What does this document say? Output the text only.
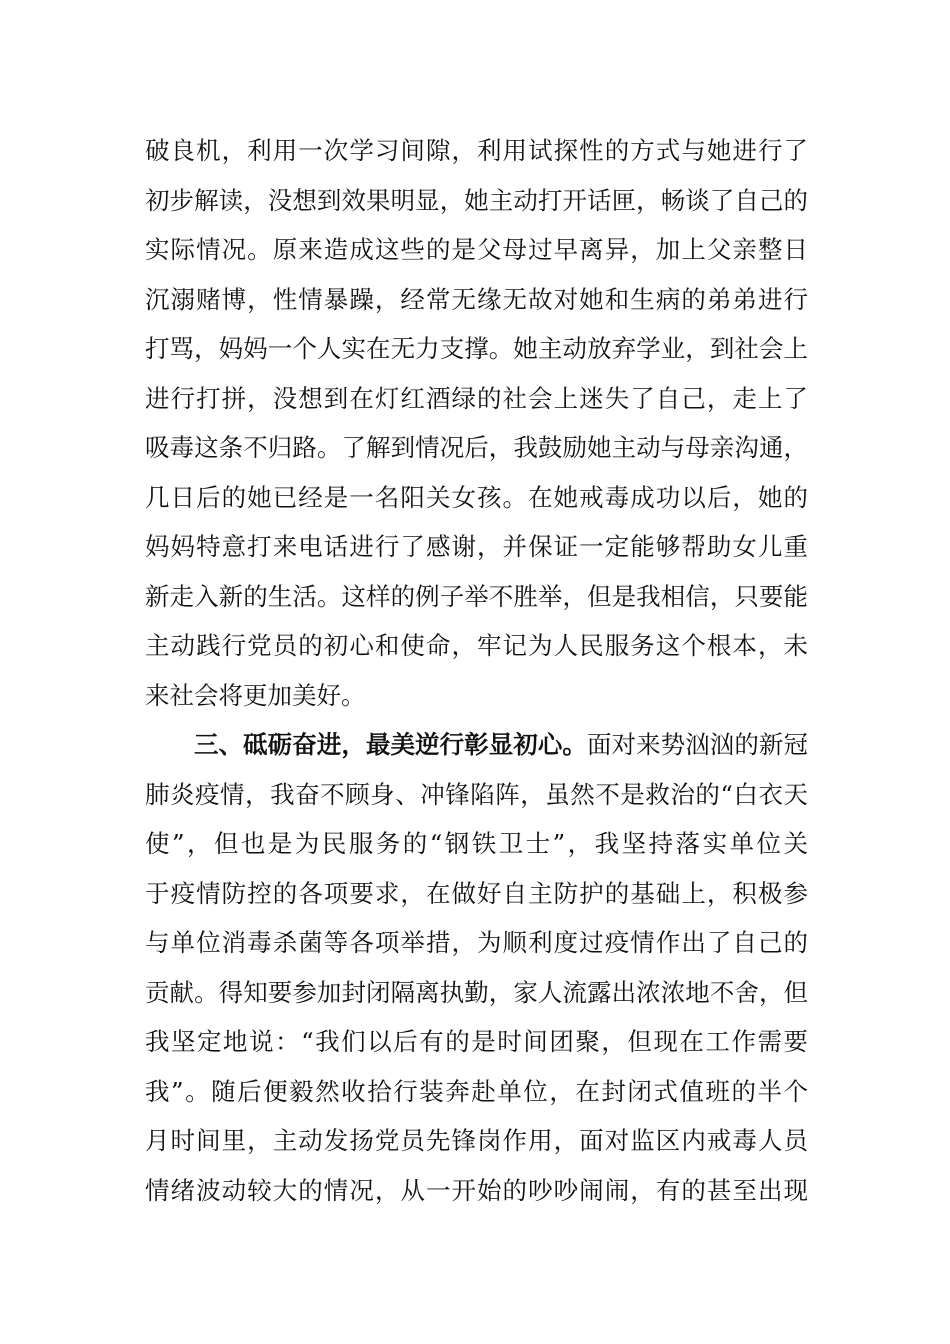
破良机，利用一次学习间隙，利用试探性的方式与她进行了
初步解读，没想到效果明显，她主动打开话匣，畅谈了自己的
实际情况。原来造成这些的是父母过早离异，加上父亲整日
沉溺赌博，性情暴躁，经常无缘无故对她和生病的弟弟进行
打骂，妈妈一个人实在无力支撑。她主动放弃学业，到社会上
进行打拼，没想到在灯红酒绿的社会上迷失了自己，走上了
吸毒这条不归路。了解到情况后，我鼓励她主动与母亲沟通，
几日后的她已经是一名阳关女孩。在她戒毒成功以后，她的
妈妈特意打来电话进行了感谢，并保证一定能够帮助女儿重
新走入新的生活。这样的例子举不胜举，但是我相信，只要能
主动践行党员的初心和使命，牢记为人民服务这个根本，未
来社会将更加美好。
三、砥砺奋进，最美逆行彰显初心。面对来势汹汹的新冠
肺炎疫情，我奋不顾身、冲锋陷阵，虽然不是救治的“白衣天
使”，但也是为民服务的“钢铁卫士”，我坚持落实单位关
于疫情防控的各项要求，在做好自主防护的基础上，积极参
与单位消毒杀菌等各项举措，为顺利度过疫情作出了自己的
贡献。得知要参加封闭隔离执勤，家人流露出浓浓地不舍，但
我坚定地说：“我们以后有的是时间团聚，但现在工作需要
我”。随后便毅然收拾行装奔赴单位，在封闭式值班的半个
月时间里，主动发扬党员先锋岗作用，面对监区内戒毒人员
情绪波动较大的情况，从一开始的吵吵闹闹，有的甚至出现
